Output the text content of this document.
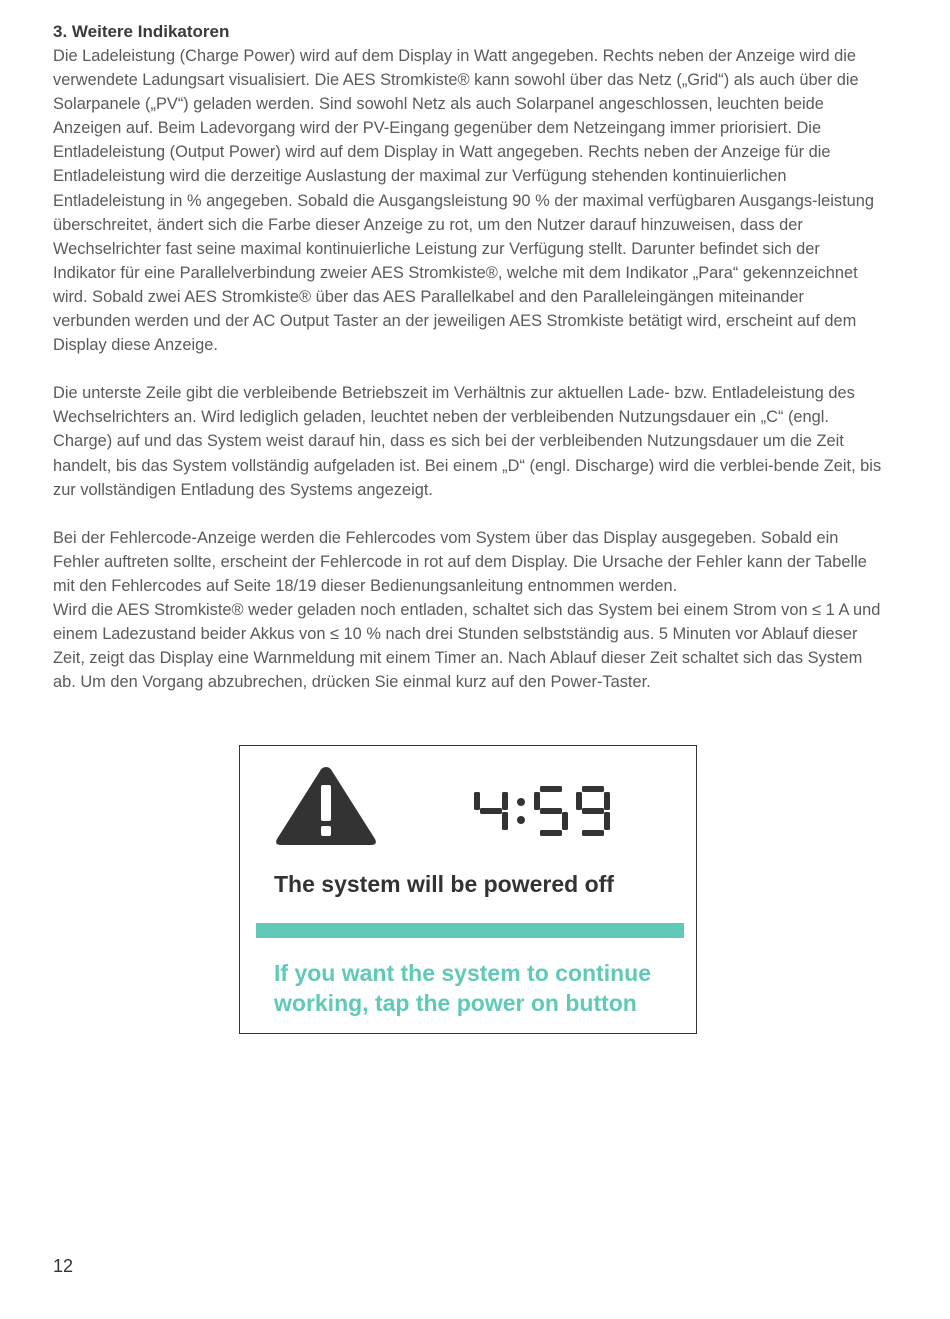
3. Weitere Indikatoren

Die Ladeleistung (Charge Power) wird auf dem Display in Watt angegeben. Rechts neben der Anzeige wird die verwendete Ladungsart visualisiert. Die AES Stromkiste® kann sowohl über das Netz („Grid“) als auch über die Solarpanele („PV“) geladen werden. Sind sowohl Netz als auch Solarpanel angeschlossen, leuchten beide Anzeigen auf. Beim Ladevorgang wird der PV-Eingang gegenüber dem Netzeingang immer priorisiert. Die Entladeleistung (Output Power) wird auf dem Display in Watt angegeben. Rechts neben der Anzeige für die Entladeleistung wird die derzeitige Auslastung der maximal zur Verfügung stehenden kontinuierlichen Entladeleistung in % angegeben. Sobald die Ausgangsleistung 90 % der maximal verfügbaren Ausgangs-leistung überschreitet, ändert sich die Farbe dieser Anzeige zu rot, um den Nutzer darauf hinzuweisen, dass der Wechselrichter fast seine maximal kontinuierliche Leistung zur Verfügung stellt. Darunter befindet sich der Indikator für eine Parallelverbindung zweier AES Stromkiste®, welche mit dem Indikator „Para“ gekennzeichnet wird. Sobald zwei AES Stromkiste® über das AES Parallelkabel and den Paralleleingängen miteinander verbunden werden und der AC Output Taster an der jeweiligen AES Stromkiste betätigt wird, erscheint auf dem Display diese Anzeige.

Die unterste Zeile gibt die verbleibende Betriebszeit im Verhältnis zur aktuellen Lade- bzw. Entladeleistung des Wechselrichters an. Wird lediglich geladen, leuchtet neben der verbleibenden Nutzungsdauer ein „C“ (engl. Charge) auf und das System weist darauf hin, dass es sich bei der verbleibenden Nutzungsdauer um die Zeit handelt, bis das System vollständig aufgeladen ist. Bei einem „D“ (engl. Discharge) wird die verblei-bende Zeit, bis zur vollständigen Entladung des Systems angezeigt.

Bei der Fehlercode-Anzeige werden die Fehlercodes vom System über das Display ausgegeben. Sobald ein Fehler auftreten sollte, erscheint der Fehlercode in rot auf dem Display. Die Ursache der Fehler kann der Tabelle mit den Fehlercodes auf Seite 18/19 dieser Bedienungsanleitung entnommen werden.

Wird die AES Stromkiste® weder geladen noch entladen, schaltet sich das System bei einem Strom von ≤ 1 A und einem Ladezustand beider Akkus von ≤ 10 % nach drei Stunden selbstständig aus. 5 Minuten vor Ablauf dieser Zeit, zeigt das Display eine Warnmeldung mit einem Timer an. Nach Ablauf dieser Zeit schaltet sich das System ab. Um den Vorgang abzubrechen, drücken Sie einmal kurz auf den Power-Taster.

The system will be powered off
If you want the system to continue working, tap the power on button
12
